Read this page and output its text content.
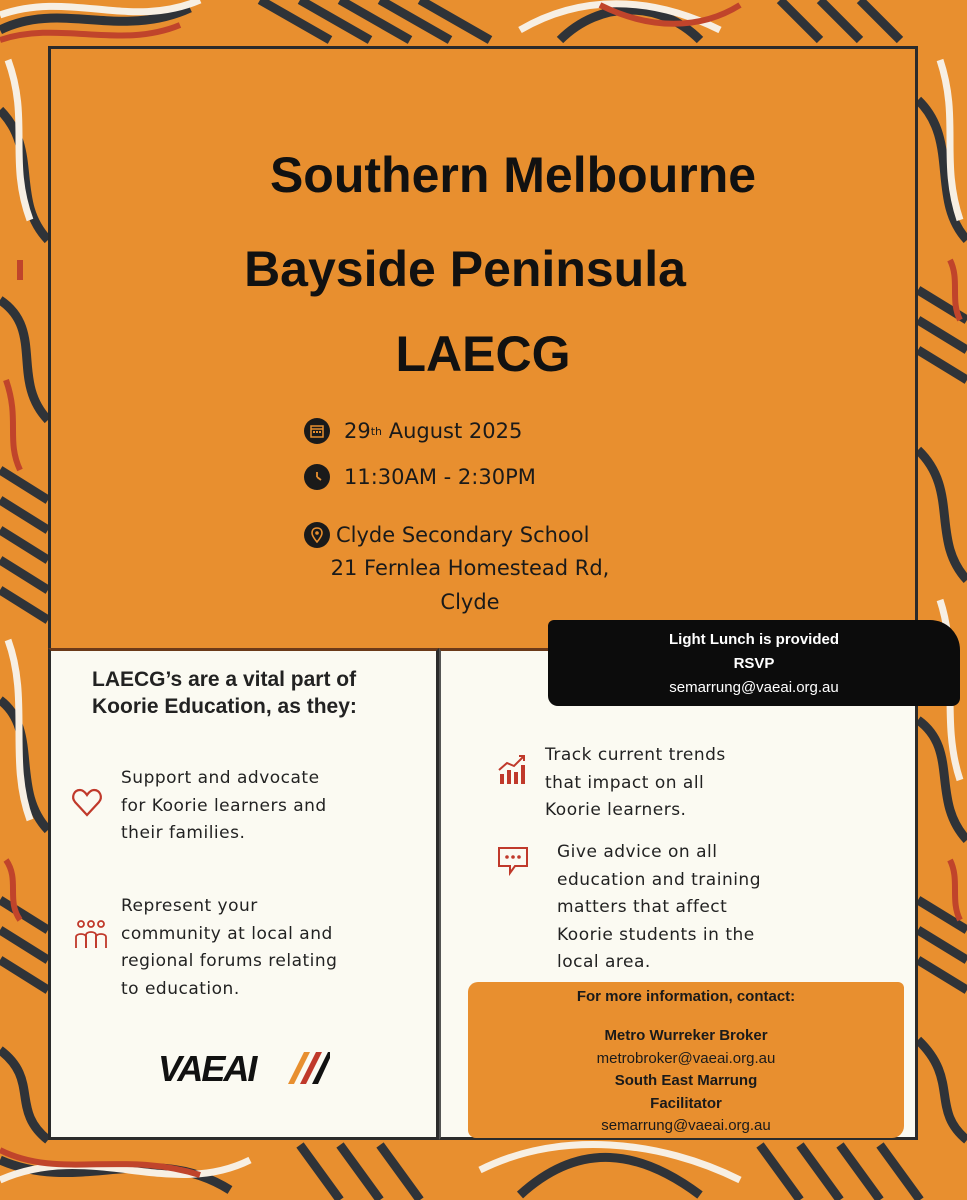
Southern Melbourne
Bayside Peninsula
LAECG
29 th August 2025
11:30AM - 2:30PM
Clyde Secondary School
21 Fernlea Homestead Rd,
Clyde
Light Lunch is provided
RSVP
semarrung@vaeai.org.au
LAECG’s are a vital part of
Koorie Education, as they:
Support and advocate
for Koorie learners and
their families.
Represent your
community at local and
regional forums relating
to education.
Track current trends
that impact on all
Koorie learners.
Give advice on all
education and training
matters that affect
Koorie students in the
local area.
VAEAI
For more information, contact:
Metro Wurreker Broker
metrobroker@vaeai.org.au
South East Marrung
Facilitator
semarrung@vaeai.org.au
